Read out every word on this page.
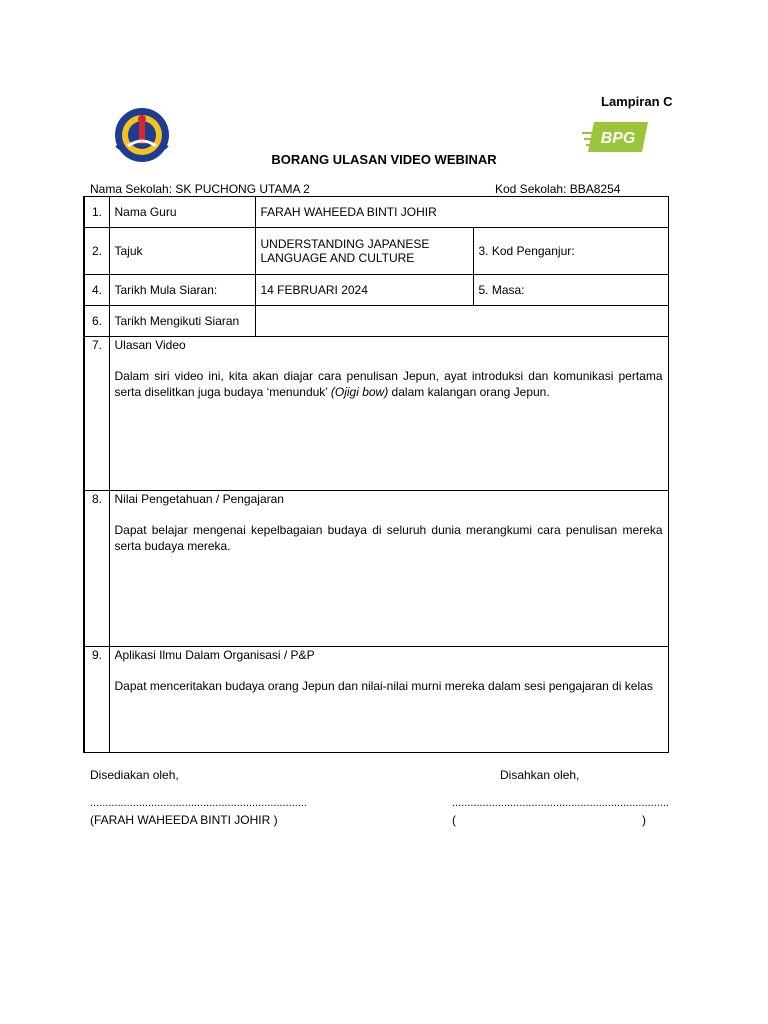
Lampiran C
BPG
BORANG ULASAN VIDEO WEBINAR
Nama Sekolah: SK PUCHONG UTAMA 2	Kod Sekolah: BBA8254
1.	Nama Guru	FARAH WAHEEDA BINTI JOHIR	
2.	Tajuk	UNDERSTANDING JAPANESE LANGUAGE AND CULTURE	3. Kod Penganjur:
4.	Tarikh Mula Siaran:	14 FEBRUARI 2024	5. Masa:
6.	Tarikh Mengikuti Siaran		
7.	Ulasan Video
Dalam siri video ini, kita akan diajar cara penulisan Jepun, ayat introduksi dan komunikasi pertama serta diselitkan juga budaya ‘menunduk’ (Ojigi bow) dalam kalangan orang Jepun.		

8.	Nilai Pengetahuan / Pengajaran
Dapat belajar mengenai kepelbagaian budaya di seluruh dunia merangkumi cara penulisan mereka serta budaya mereka.		

9.	Aplikasi Ilmu Dalam Organisasi / P&P
Dapat menceritakan budaya orang Jepun dan nilai-nilai murni mereka dalam sesi pengajaran di kelas		
Disediakan oleh,	Disahkan oleh,
.......................................................................	.......................................................................
(FARAH WAHEEDA BINTI JOHIR )	(	)
